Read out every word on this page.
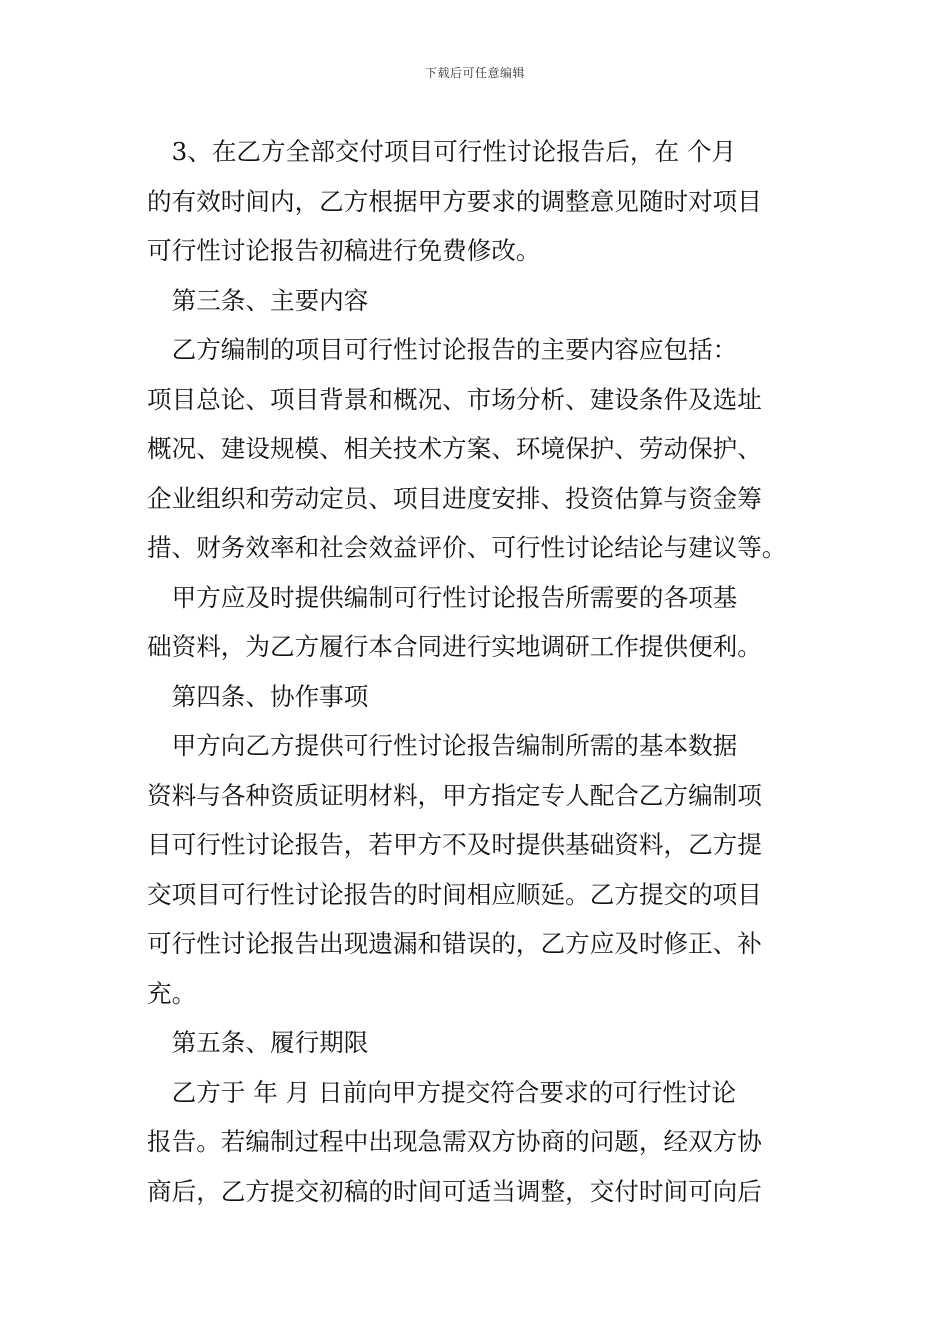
下载后可任意编辑
　3、在乙方全部交付项目可行性讨论报告后，在 个月
的有效时间内，乙方根据甲方要求的调整意见随时对项目
可行性讨论报告初稿进行免费修改。
　第三条、主要内容
　乙方编制的项目可行性讨论报告的主要内容应包括：
项目总论、项目背景和概况、市场分析、建设条件及选址
概况、建设规模、相关技术方案、环境保护、劳动保护、
企业组织和劳动定员、项目进度安排、投资估算与资金筹
措、财务效率和社会效益评价、可行性讨论结论与建议等。
　甲方应及时提供编制可行性讨论报告所需要的各项基
础资料，为乙方履行本合同进行实地调研工作提供便利。
　第四条、协作事项
　甲方向乙方提供可行性讨论报告编制所需的基本数据
资料与各种资质证明材料，甲方指定专人配合乙方编制项
目可行性讨论报告，若甲方不及时提供基础资料，乙方提
交项目可行性讨论报告的时间相应顺延。乙方提交的项目
可行性讨论报告出现遗漏和错误的，乙方应及时修正、补
充。
　第五条、履行期限
　乙方于 年 月 日前向甲方提交符合要求的可行性讨论
报告。若编制过程中出现急需双方协商的问题，经双方协
商后，乙方提交初稿的时间可适当调整，交付时间可向后
